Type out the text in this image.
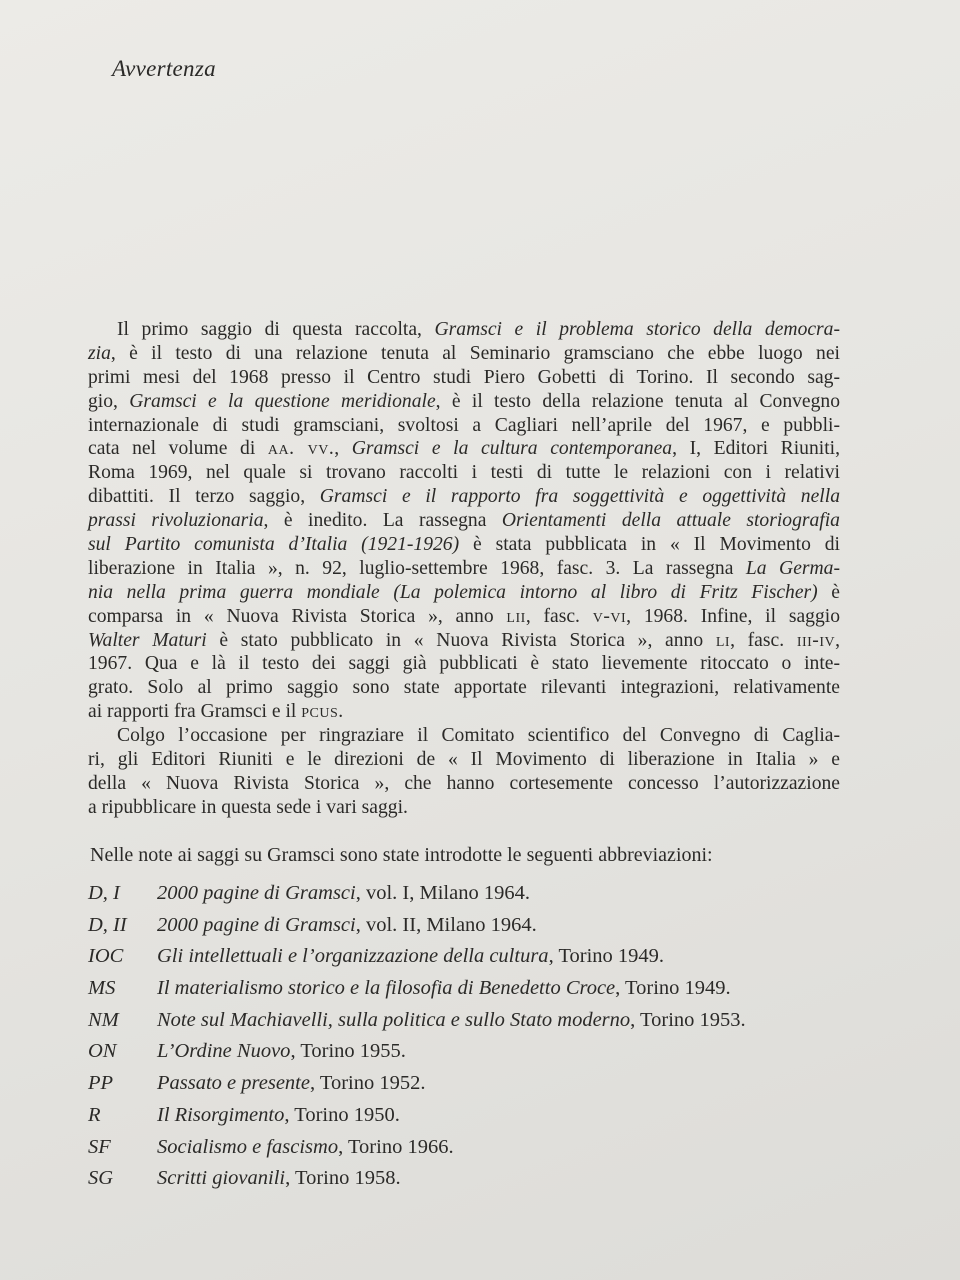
Avvertenza
Il primo saggio di questa raccolta, Gramsci e il problema storico della democra-
zia, è il testo di una relazione tenuta al Seminario gramsciano che ebbe luogo nei
primi mesi del 1968 presso il Centro studi Piero Gobetti di Torino. Il secondo sag-
gio, Gramsci e la questione meridionale, è il testo della relazione tenuta al Convegno
internazionale di studi gramsciani, svoltosi a Cagliari nell’aprile del 1967, e pubbli-
cata nel volume di aa. vv., Gramsci e la cultura contemporanea, I, Editori Riuniti,
Roma 1969, nel quale si trovano raccolti i testi di tutte le relazioni con i relativi
dibattiti. Il terzo saggio, Gramsci e il rapporto fra soggettività e oggettività nella
prassi rivoluzionaria, è inedito. La rassegna Orientamenti della attuale storiografia
sul Partito comunista d’Italia (1921-1926) è stata pubblicata in « Il Movimento di
liberazione in Italia », n. 92, luglio-settembre 1968, fasc. 3. La rassegna La Germa-
nia nella prima guerra mondiale (La polemica intorno al libro di Fritz Fischer) è
comparsa in « Nuova Rivista Storica », anno lii, fasc. v-vi, 1968. Infine, il saggio
Walter Maturi è stato pubblicato in « Nuova Rivista Storica », anno li, fasc. iii-iv,
1967. Qua e là il testo dei saggi già pubblicati è stato lievemente ritoccato o inte-
grato. Solo al primo saggio sono state apportate rilevanti integrazioni, relativamente
ai rapporti fra Gramsci e il pcus.
Colgo l’occasione per ringraziare il Comitato scientifico del Convegno di Caglia-
ri, gli Editori Riuniti e le direzioni de « Il Movimento di liberazione in Italia » e
della « Nuova Rivista Storica », che hanno cortesemente concesso l’autorizzazione
a ripubblicare in questa sede i vari saggi.
Nelle note ai saggi su Gramsci sono state introdotte le seguenti abbreviazioni:
D, I	2000 pagine di Gramsci, vol. I, Milano 1964.
D, II	2000 pagine di Gramsci, vol. II, Milano 1964.
IOC	Gli intellettuali e l’organizzazione della cultura, Torino 1949.
MS	Il materialismo storico e la filosofia di Benedetto Croce, Torino 1949.
NM	Note sul Machiavelli, sulla politica e sullo Stato moderno, Torino 1953.
ON	L’Ordine Nuovo, Torino 1955.
PP	Passato e presente, Torino 1952.
R	Il Risorgimento, Torino 1950.
SF	Socialismo e fascismo, Torino 1966.
SG	Scritti giovanili, Torino 1958.
